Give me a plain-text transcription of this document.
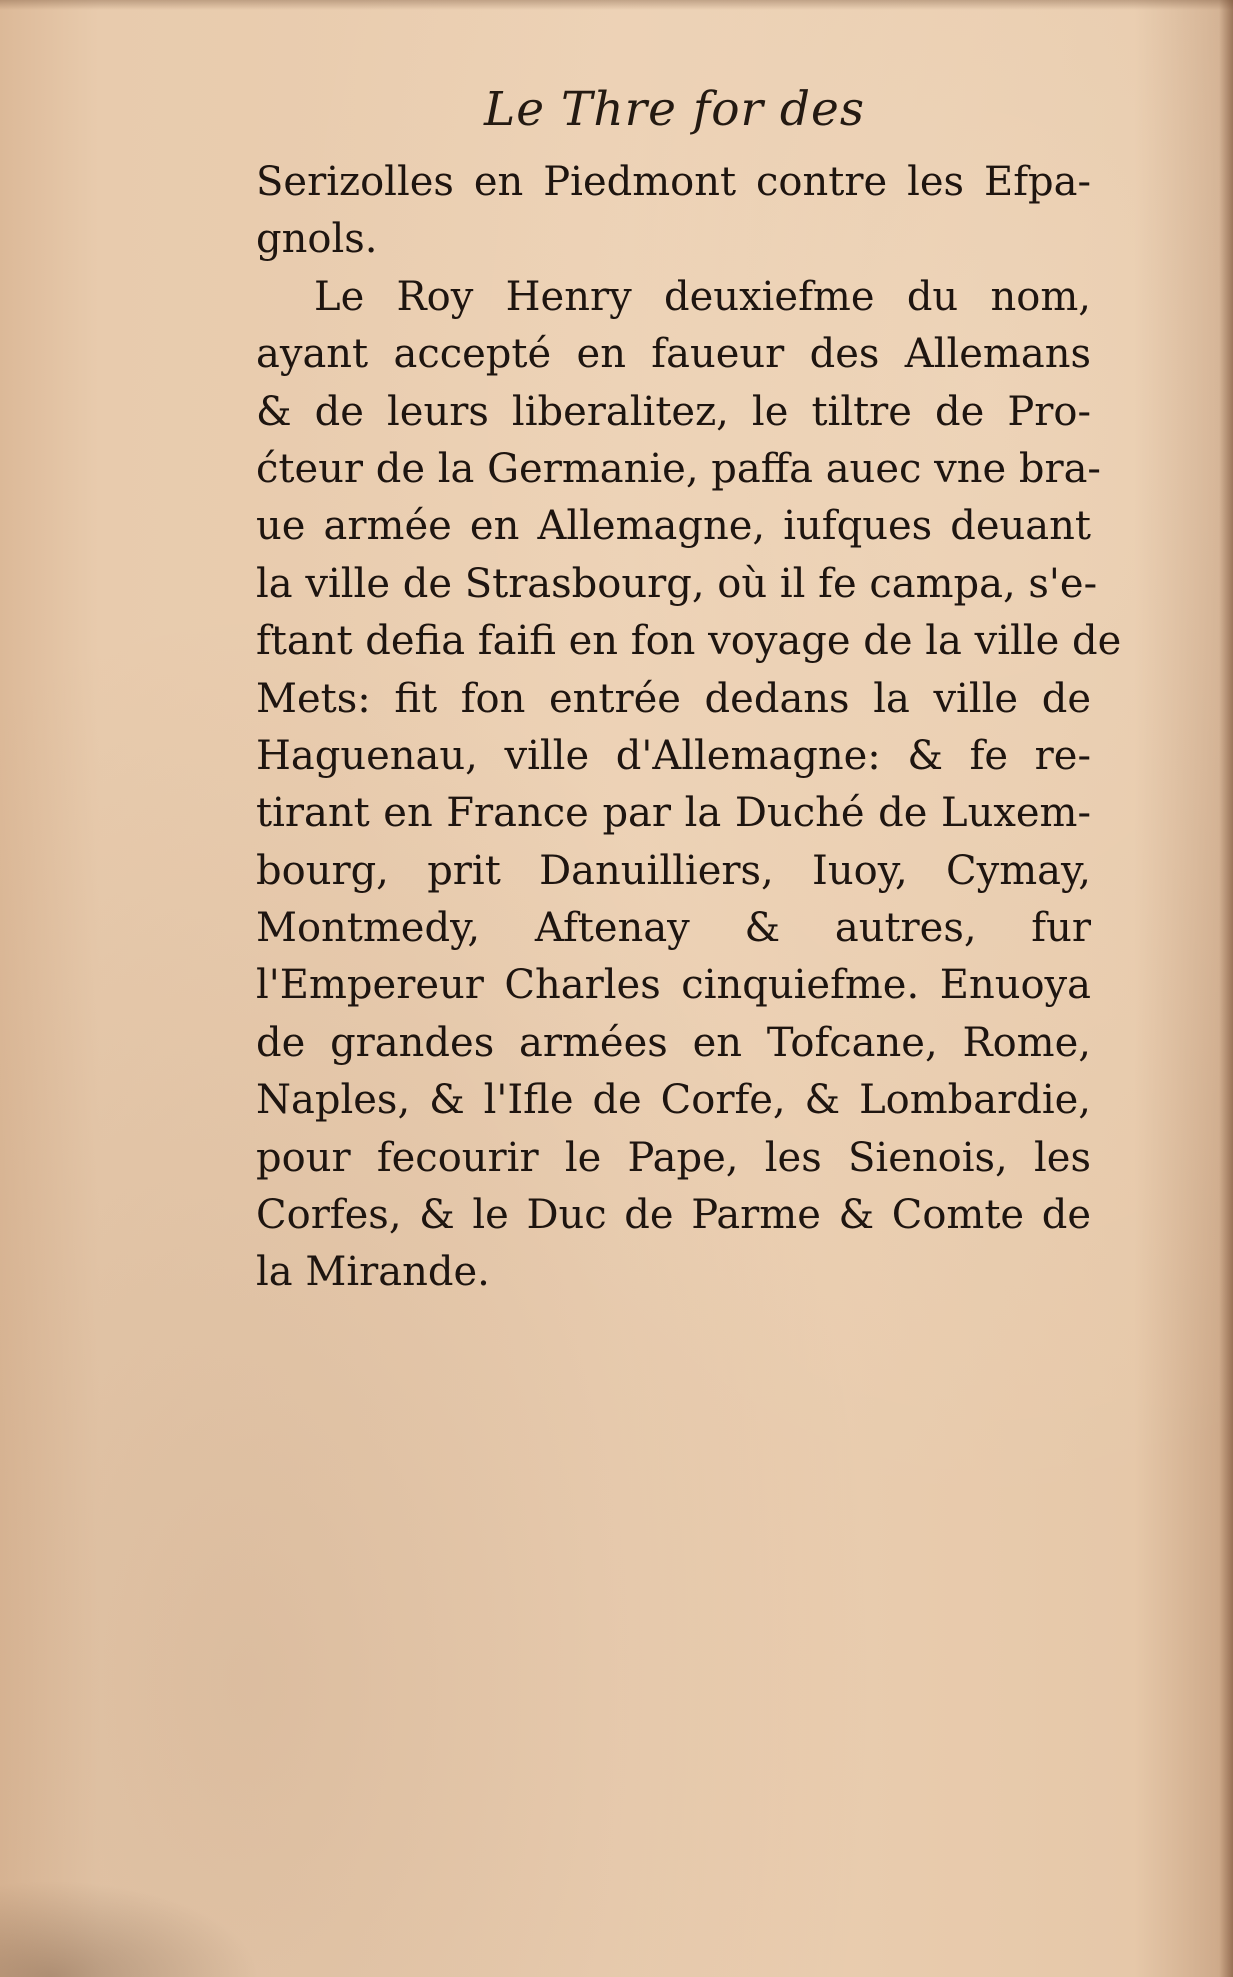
Le Thre for des
Serizolles en Piedmont contre les Efpa-
gnols.
Le Roy Henry deuxiefme du nom,
ayant accepté en faueur des Allemans
& de leurs liberalitez, le tiltre de Pro-
ćteur de la Germanie, paffa auec vne bra-
ue armée en Allemagne, iufques deuant
la ville de Strasbourg, où il fe campa, s'e-
ftant defia faifi en fon voyage de la ville de
Mets: fit fon entrée dedans la ville de
Haguenau, ville d'Allemagne: & fe re-
tirant en France par la Duché de Luxem-
bourg, prit Danuilliers, Iuoy, Cymay,
Montmedy, Aftenay & autres, fur
l'Empereur Charles cinquiefme. Enuoya
de grandes armées en Tofcane, Rome,
Naples, & l'Ifle de Corfe, & Lombardie,
pour fecourir le Pape, les Sienois, les
Corfes, & le Duc de Parme & Comte de
la Mirande.
